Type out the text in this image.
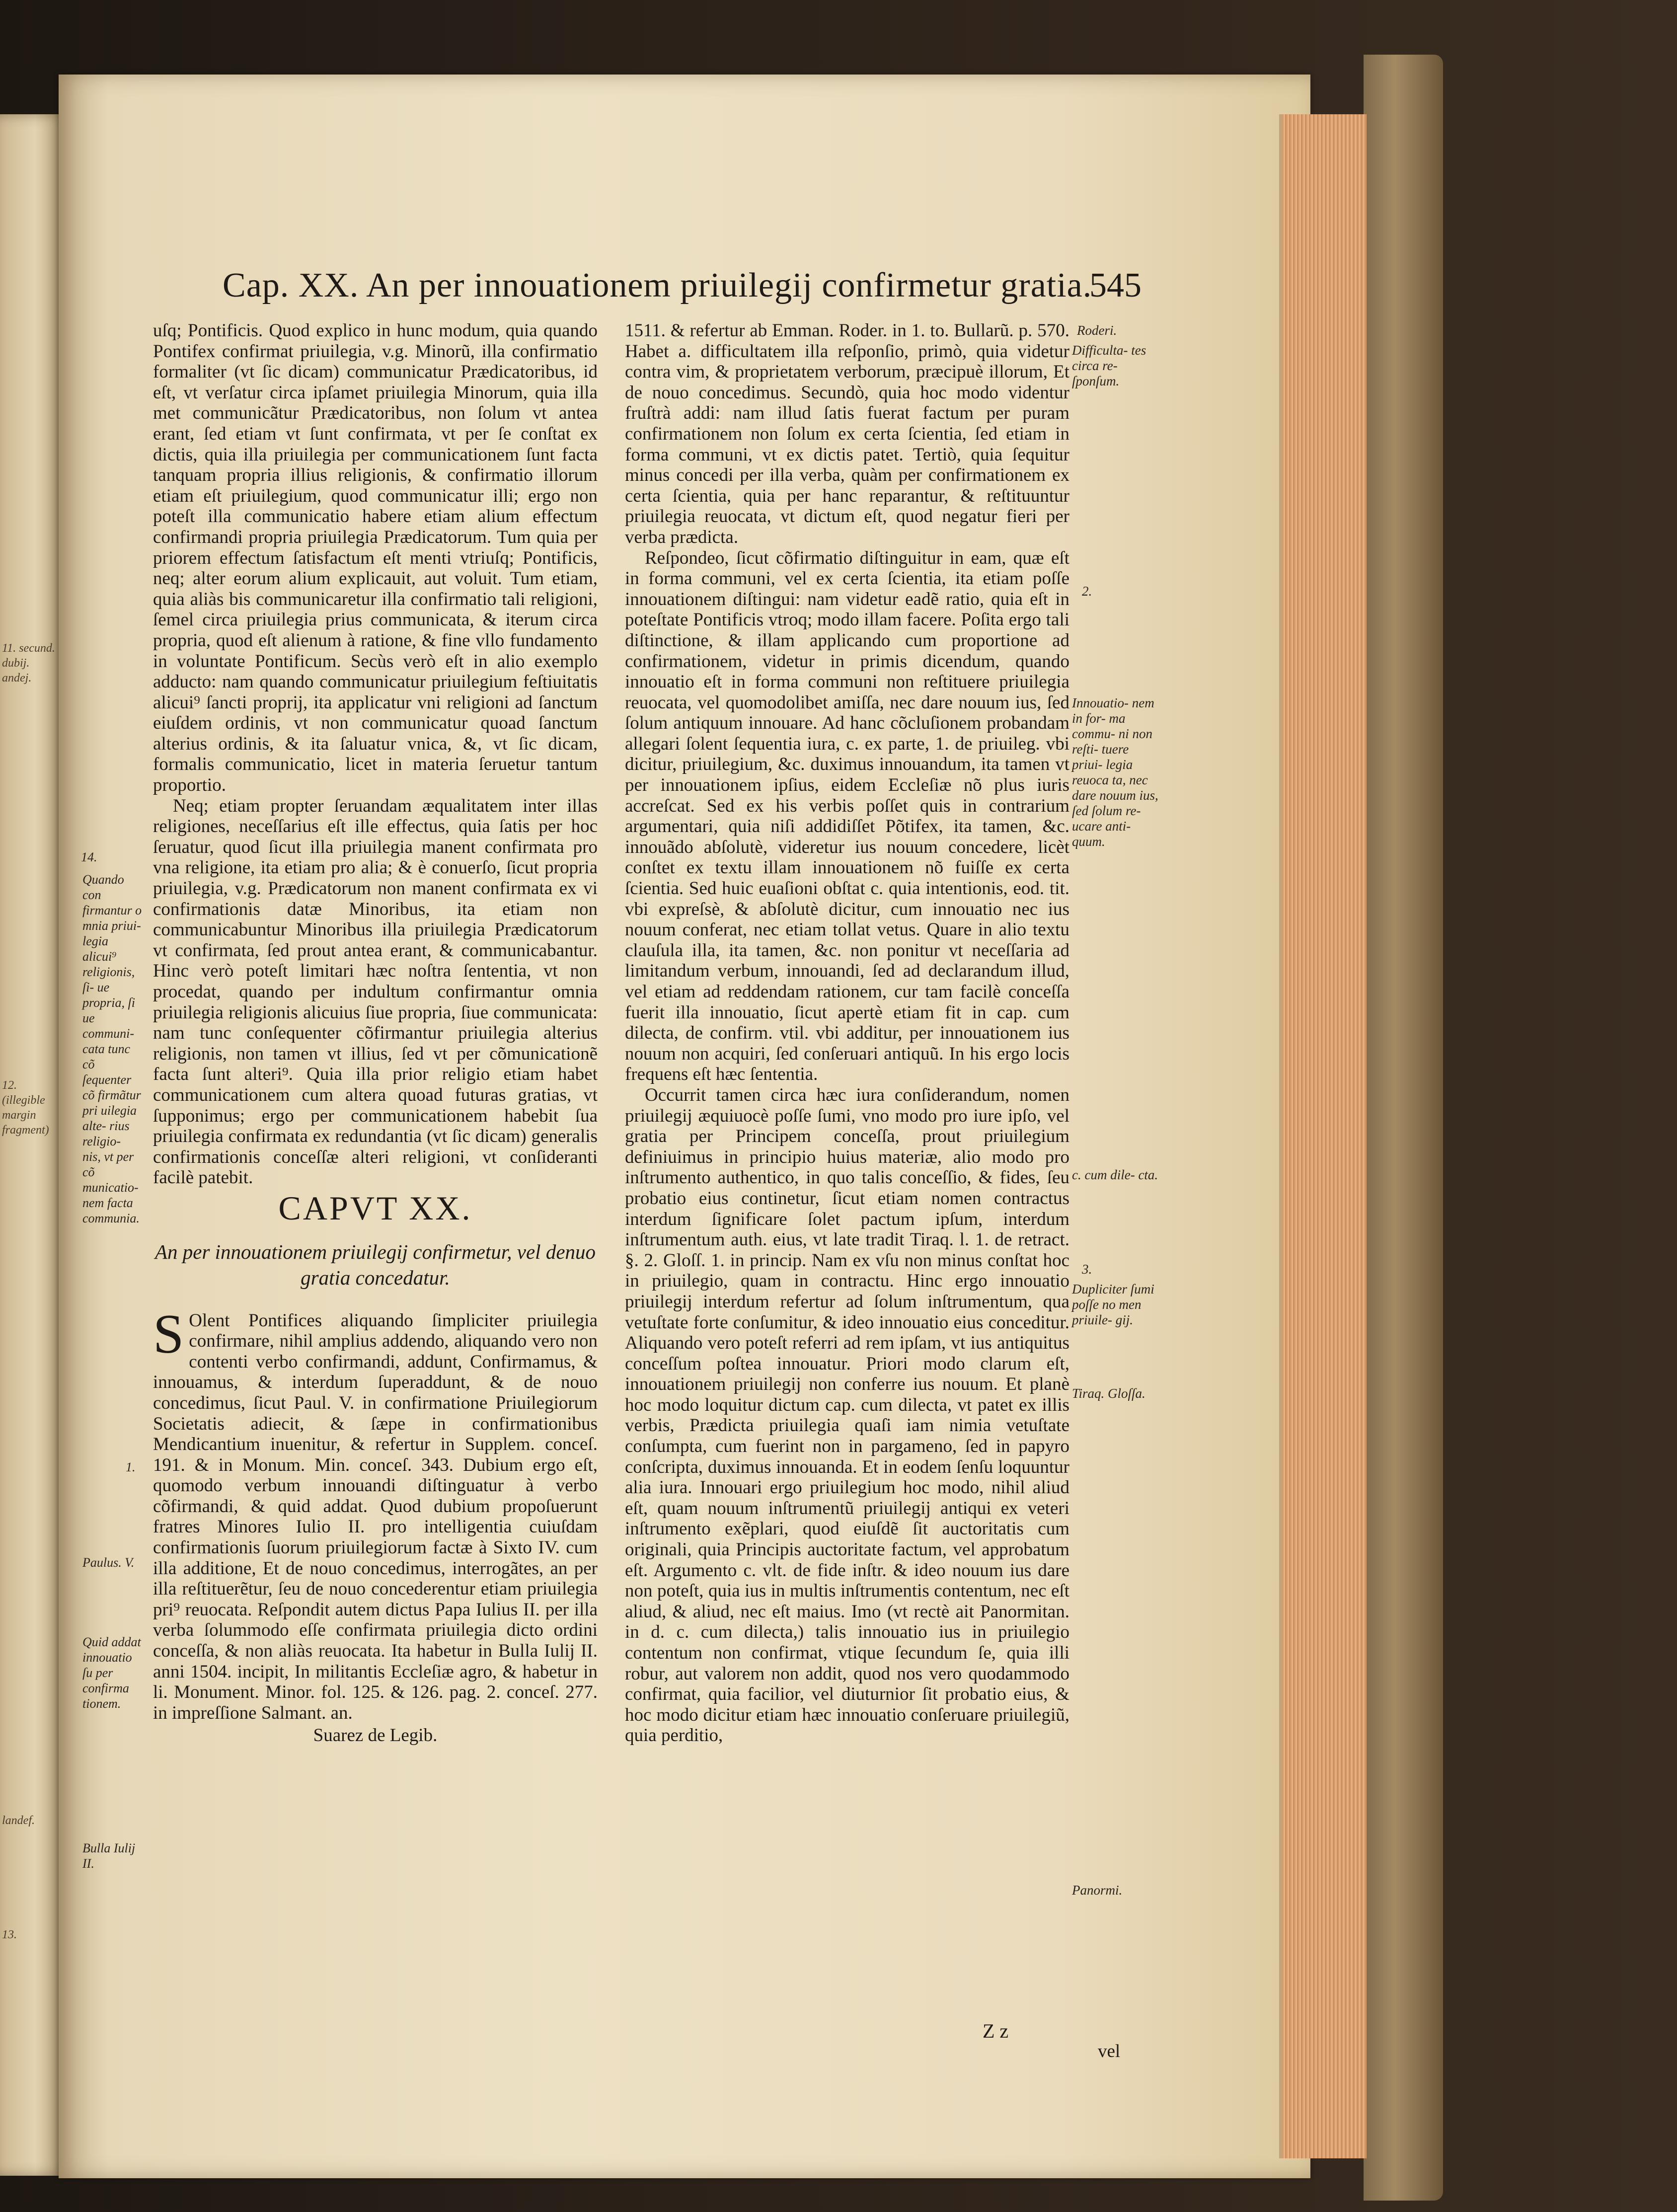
11. secund. dubij. andej.
12. (illegible margin fragment)
landef.
13.
Cap. XX. An per innouationem priuilegij confirmetur gratia.
545

uſq; Pontificis. Quod explico in hunc modum, quia quando Pontifex confirmat priuilegia, v.g. Minorũ, illa confirmatio formaliter (vt ſic dicam) communicatur Prædicatoribus, id eſt, vt verſatur circa ipſamet priuilegia Minorum, quia illa met communicãtur Prædicatoribus, non ſolum vt antea erant, ſed etiam vt ſunt confirmata, vt per ſe conſtat ex dictis, quia illa priuilegia per communicationem ſunt facta tanquam propria illius religionis, & confirmatio illorum etiam eſt priuilegium, quod communicatur illi; ergo non poteſt illa communicatio habere etiam alium effectum confirmandi propria priuilegia Prædicatorum. Tum quia per priorem effectum ſatisfactum eſt menti vtriuſq; Pontificis, neq; alter eorum alium explicauit, aut voluit. Tum etiam, quia aliàs bis communicaretur illa confirmatio tali religioni, ſemel circa priuilegia prius communicata, & iterum circa propria, quod eſt alienum à ratione, & fine vllo fundamento in voluntate Pontificum. Secùs verò eſt in alio exemplo adducto: nam quando communicatur priuilegium feſtiuitatis alicui⁹ ſancti proprij, ita applicatur vni religioni ad ſanctum eiuſdem ordinis, vt non communicatur quoad ſanctum alterius ordinis, & ita ſaluatur vnica, &, vt ſic dicam, formalis communicatio, licet in materia ſeruetur tantum proportio.

Neq; etiam propter ſeruandam æqualitatem inter illas religiones, neceſſarius eſt ille effectus, quia ſatis per hoc ſeruatur, quod ſicut illa priuilegia manent confirmata pro vna religione, ita etiam pro alia; & è conuerſo, ſicut propria priuilegia, v.g. Prædicatorum non manent confirmata ex vi confirmationis datæ Minoribus, ita etiam non communicabuntur Minoribus illa priuilegia Prædicatorum vt confirmata, ſed prout antea erant, & communicabantur. Hinc verò poteſt limitari hæc noſtra ſententia, vt non procedat, quando per indultum confirmantur omnia priuilegia religionis alicuius ſiue propria, ſiue communicata: nam tunc conſequenter cõfirmantur priuilegia alterius religionis, non tamen vt illius, ſed vt per cõmunicationẽ facta ſunt alteri⁹. Quia illa prior religio etiam habet communicationem cum altera quoad futuras gratias, vt ſupponimus; ergo per communicationem habebit ſua priuilegia confirmata ex redundantia (vt ſic dicam) generalis confirmationis conceſſæ alteri religioni, vt conſideranti facilè patebit.

CAPVT XX.
An per innouationem priuilegij confirmetur, vel denuo gratia concedatur.

S Olent Pontifices aliquando ſimpliciter priuilegia confirmare, nihil amplius addendo, aliquando vero non contenti verbo confirmandi, addunt, Confirmamus, & innouamus, & interdum ſuperaddunt, & de nouo concedimus, ſicut Paul. V. in confirmatione Priuilegiorum Societatis adiecit, & ſæpe in confirmationibus Mendicantium inuenitur, & refertur in Supplem. conceſ. 191. & in Monum. Min. conceſ. 343. Dubium ergo eſt, quomodo verbum innouandi diſtinguatur à verbo cõfirmandi, & quid addat. Quod dubium propoſuerunt fratres Minores Iulio II. pro intelligentia cuiuſdam confirmationis ſuorum priuilegiorum factæ à Sixto IV. cum illa additione, Et de nouo concedimus, interrogãtes, an per illa reſtituerẽtur, ſeu de nouo concederentur etiam priuilegia pri⁹ reuocata. Reſpondit autem dictus Papa Iulius II. per illa verba ſolummodo eſſe confirmata priuilegia dicto ordini conceſſa, & non aliàs reuocata. Ita habetur in Bulla Iulij II. anni 1504. incipit, In militantis Eccleſiæ agro, & habetur in li. Monument. Minor. fol. 125. & 126. pag. 2. conceſ. 277. in impreſſione Salmant. an.

Suarez de Legib.

1511. & refertur ab Emman. Roder. in 1. to. Bullarũ. p. 570. Habet a. difficultatem illa reſponſio, primò, quia videtur contra vim, & proprietatem verborum, præcipuè illorum, Et de nouo concedimus. Secundò, quia hoc modo videntur fruſtrà addi: nam illud ſatis fuerat factum per puram confirmationem non ſolum ex certa ſcientia, ſed etiam in forma communi, vt ex dictis patet. Tertiò, quia ſequitur minus concedi per illa verba, quàm per confirmationem ex certa ſcientia, quia per hanc reparantur, & reſtituuntur priuilegia reuocata, vt dictum eſt, quod negatur fieri per verba prædicta.

Reſpondeo, ſicut cõfirmatio diſtinguitur in eam, quæ eſt in forma communi, vel ex certa ſcientia, ita etiam poſſe innouationem diſtingui: nam videtur eadẽ ratio, quia eſt in poteſtate Pontificis vtroq; modo illam facere. Poſita ergo tali diſtinctione, & illam applicando cum proportione ad confirmationem, videtur in primis dicendum, quando innouatio eſt in forma communi non reſtituere priuilegia reuocata, vel quomodolibet amiſſa, nec dare nouum ius, ſed ſolum antiquum innouare. Ad hanc cõcluſionem probandam allegari ſolent ſequentia iura, c. ex parte, 1. de priuileg. vbi dicitur, priuilegium, &c. duximus innouandum, ita tamen vt per innouationem ipſius, eidem Eccleſiæ nõ plus iuris accreſcat. Sed ex his verbis poſſet quis in contrarium argumentari, quia niſi addidiſſet Põtifex, ita tamen, &c. innouãdo abſolutè, videretur ius nouum concedere, licèt conſtet ex textu illam innouationem nõ fuiſſe ex certa ſcientia. Sed huic euaſioni obſtat c. quia intentionis, eod. tit. vbi expreſsè, & abſolutè dicitur, cum innouatio nec ius nouum conferat, nec etiam tollat vetus. Quare in alio textu clauſula illa, ita tamen, &c. non ponitur vt neceſſaria ad limitandum verbum, innouandi, ſed ad declarandum illud, vel etiam ad reddendam rationem, cur tam facilè conceſſa fuerit illa innouatio, ſicut apertè etiam fit in cap. cum dilecta, de confirm. vtil. vbi additur, per innouationem ius nouum non acquiri, ſed conſeruari antiquũ. In his ergo locis frequens eſt hæc ſententia.

Occurrit tamen circa hæc iura conſiderandum, nomen priuilegij æquiuocè poſſe ſumi, vno modo pro iure ipſo, vel gratia per Principem conceſſa, prout priuilegium definiuimus in principio huius materiæ, alio modo pro inſtrumento authentico, in quo talis conceſſio, & fides, ſeu probatio eius continetur, ſicut etiam nomen contractus interdum ſignificare ſolet pactum ipſum, interdum inſtrumentum auth. eius, vt late tradit Tiraq. l. 1. de retract. §. 2. Gloſſ. 1. in princip. Nam ex vſu non minus conſtat hoc in priuilegio, quam in contractu. Hinc ergo innouatio priuilegij interdum refertur ad ſolum inſtrumentum, qua vetuſtate forte conſumitur, & ideo innouatio eius conceditur. Aliquando vero poteſt referri ad rem ipſam, vt ius antiquitus conceſſum poſtea innouatur. Priori modo clarum eſt, innouationem priuilegij non conferre ius nouum. Et planè hoc modo loquitur dictum cap. cum dilecta, vt patet ex illis verbis, Prædicta priuilegia quaſi iam nimia vetuſtate conſumpta, cum fuerint non in pargameno, ſed in papyro conſcripta, duximus innouanda. Et in eodem ſenſu loquuntur alia iura. Innouari ergo priuilegium hoc modo, nihil aliud eſt, quam nouum inſtrumentũ priuilegij antiqui ex veteri inſtrumento exẽplari, quod eiuſdẽ ſit auctoritatis cum originali, quia Principis auctoritate factum, vel approbatum eſt. Argumento c. vlt. de fide inſtr. & ideo nouum ius dare non poteſt, quia ius in multis inſtrumentis contentum, nec eſt aliud, & aliud, nec eſt maius. Imo (vt rectè ait Panormitan. in d. c. cum dilecta,) talis innouatio ius in priuilegio contentum non confirmat, vtique ſecundum ſe, quia illi robur, aut valorem non addit, quod nos vero quodammodo confirmat, quia facilior, vel diuturnior ſit probatio eius, & hoc modo dicitur etiam hæc innouatio conſeruare priuilegiũ, quia perditio,

14.
Quando con firmantur o mnia priui- legia alicui⁹ religionis, ſi- ue propria, ſi ue communi- cata tunc cõ ſequenter cõ firmãtur pri uilegia alte- rius religio- nis, vt per cõ municatio- nem facta communia.
1.
Paulus. V.
Quid addat innouatio ſu per confirma tionem.
Bulla Iulij II.
Roderi.
Difficulta- tes circa re- ſponſum.
2.
Innouatio- nem in for- ma commu- ni non reſti- tuere priui- legia reuoca ta, nec dare nouum ius, ſed ſolum re- ucare anti- quum.
c. cum dile- cta.
3.
Dupliciter ſumi poſſe no men priuile- gij.
Tiraq. Gloſſa.
Panormi.
Z z
vel
